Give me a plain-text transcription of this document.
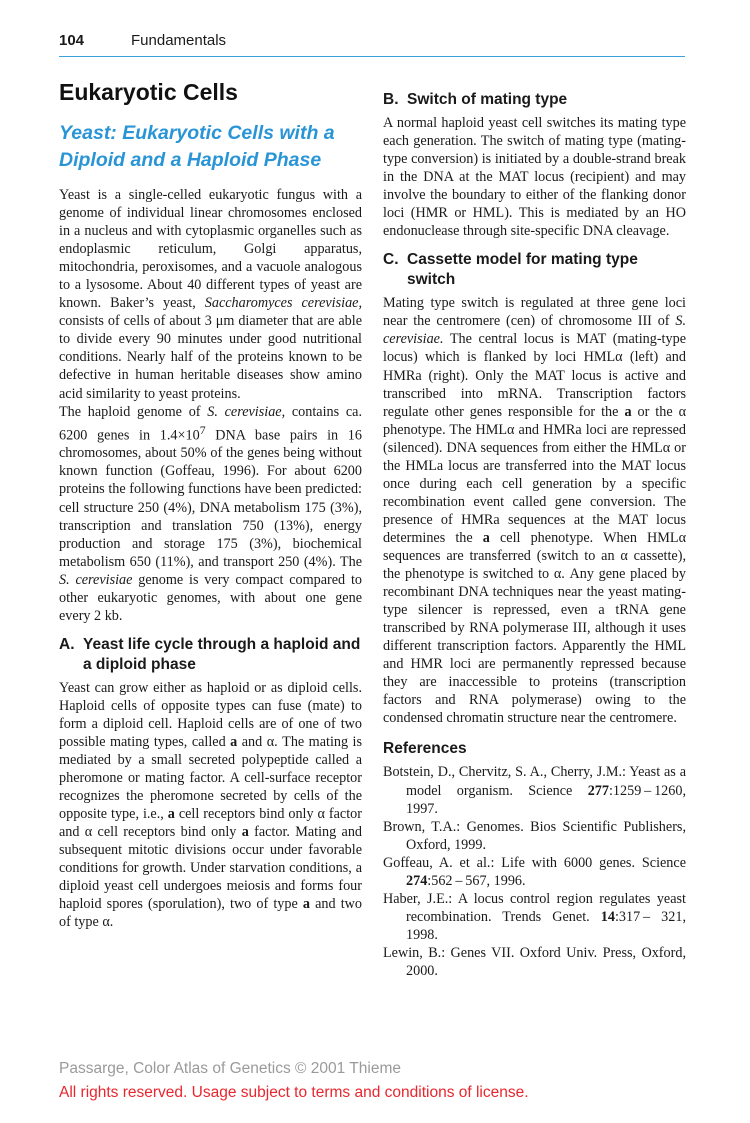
104	Fundamentals
Eukaryotic Cells
Yeast: Eukaryotic Cells with a
Diploid and a Haploid Phase

Yeast is a single-celled eukaryotic fungus with a genome of individual linear chromosomes enclosed in a nucleus and with cytoplasmic organelles such as endoplasmic reticulum, Golgi apparatus, mitochondria, peroxisomes, and a vacuole analogous to a lysosome. About 40 different types of yeast are known. Baker’s yeast, Saccharomyces cerevisiae, consists of cells of about 3 μm diameter that are able to divide every 90 minutes under good nutritional conditions. Nearly half of the proteins known to be defective in human heritable diseases show amino acid similarity to yeast proteins.

The haploid genome of S. cerevisiae, contains ca. 6200 genes in $1.4\times 10^7$ DNA base pairs in 16 chromosomes, about 50% of the genes being without known function (Goffeau, 1996). For about 6200 proteins the following functions have been predicted: cell structure 250 (4%), DNA metabolism 175 (3%), transcription and translation 750 (13%), energy production and storage 175 (3%), biochemical metabolism 650 (11%), and transport 250 (4%). The S. cerevisiae genome is very compact compared to other eukaryotic genomes, with about one gene every 2 kb.

A. Yeast life cycle through a haploid and a diploid phase

Yeast can grow either as haploid or as diploid cells. Haploid cells of opposite types can fuse (mate) to form a diploid cell. Haploid cells are of one of two possible mating types, called a and α. The mating is mediated by a small secreted polypeptide called a pheromone or mating factor. A cell-surface receptor recognizes the pheromone secreted by cells of the opposite type, i.e., a cell receptors bind only α factor and α cell receptors bind only a factor. Mating and subsequent mitotic divisions occur under favorable conditions for growth. Under starvation conditions, a diploid yeast cell undergoes meiosis and forms four haploid spores (sporulation), two of type a and two of type α.

B. Switch of mating type

A normal haploid yeast cell switches its mating type each generation. The switch of mating type (mating-type conversion) is initiated by a double-strand break in the DNA at the MAT locus (recipient) and may involve the boundary to either of the flanking donor loci (HMR or HML). This is mediated by an HO endonuclease through site-specific DNA cleavage.

C. Cassette model for mating type switch

Mating type switch is regulated at three gene loci near the centromere (cen) of chromosome III of S. cerevisiae. The central locus is MAT (mating-type locus) which is flanked by loci HMLα (left) and HMRa (right). Only the MAT locus is active and transcribed into mRNA. Transcription factors regulate other genes responsible for the a or the α phenotype. The HMLα and HMRa loci are repressed (silenced). DNA sequences from either the HMLα or the HMLa locus are transferred into the MAT locus once during each cell generation by a specific recombination event called gene conversion. The presence of HMRa sequences at the MAT locus determines the a cell phenotype. When HMLα sequences are transferred (switch to an α cassette), the phenotype is switched to α. Any gene placed by recombinant DNA techniques near the yeast mating-type silencer is repressed, even a tRNA gene transcribed by RNA polymerase III, although it uses different transcription factors. Apparently the HML and HMR loci are permanently repressed because they are inaccessible to proteins (transcription factors and RNA polymerase) owing to the condensed chromatin structure near the centromere.

References
Botstein, D., Chervitz, S. A., Cherry, J.M.: Yeast as a model organism. Science 277:1259 – 1260, 1997.
Brown, T.A.: Genomes. Bios Scientific Publishers, Oxford, 1999.
Goffeau, A. et al.: Life with 6000 genes. Science 274:562 – 567, 1996.
Haber, J.E.: A locus control region regulates yeast recombination. Trends Genet. 14:317 – 321, 1998.
Lewin, B.: Genes VII. Oxford Univ. Press, Oxford, 2000.
Passarge, Color Atlas of Genetics © 2001 Thieme
All rights reserved. Usage subject to terms and conditions of license.
